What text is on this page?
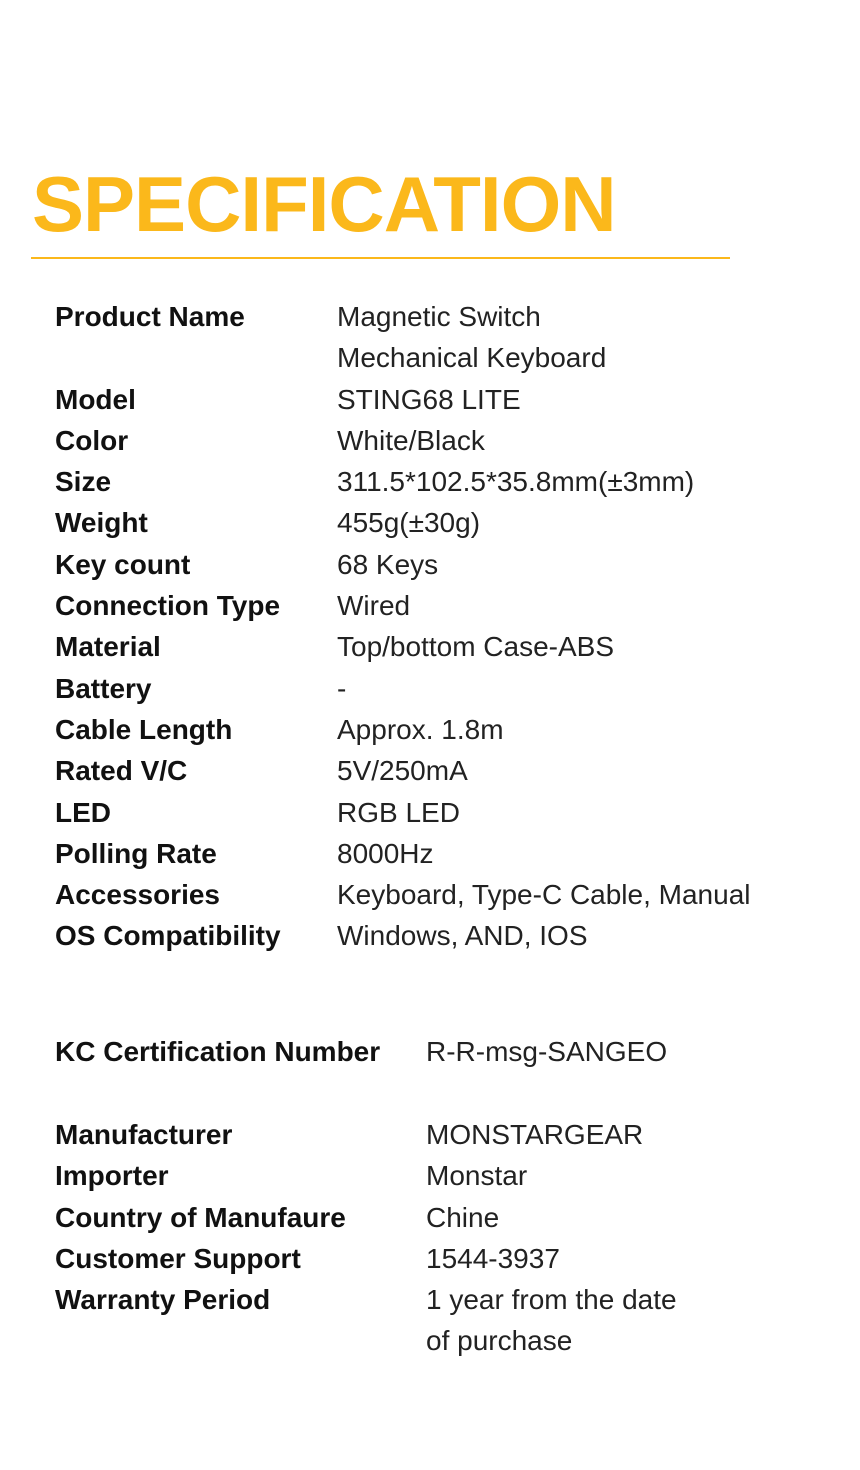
SPECIFICATION
Product Name	Magnetic Switch
Mechanical Keyboard
Model	STING68 LITE
Color	White/Black
Size	311.5*102.5*35.8mm(±3mm)
Weight	455g(±30g)
Key count	68 Keys
Connection Type	Wired
Material	Top/bottom Case-ABS
Battery	-
Cable Length	Approx. 1.8m
Rated V/C	5V/250mA
LED	RGB LED
Polling Rate	8000Hz
Accessories	Keyboard, Type-C Cable, Manual
OS Compatibility	Windows, AND, IOS
KC Certification Number	R-R-msg-SANGEO
Manufacturer	MONSTARGEAR
Importer	Monstar
Country of Manufaure	Chine
Customer Support	1544-3937
Warranty Period	1 year from the date
of purchase
